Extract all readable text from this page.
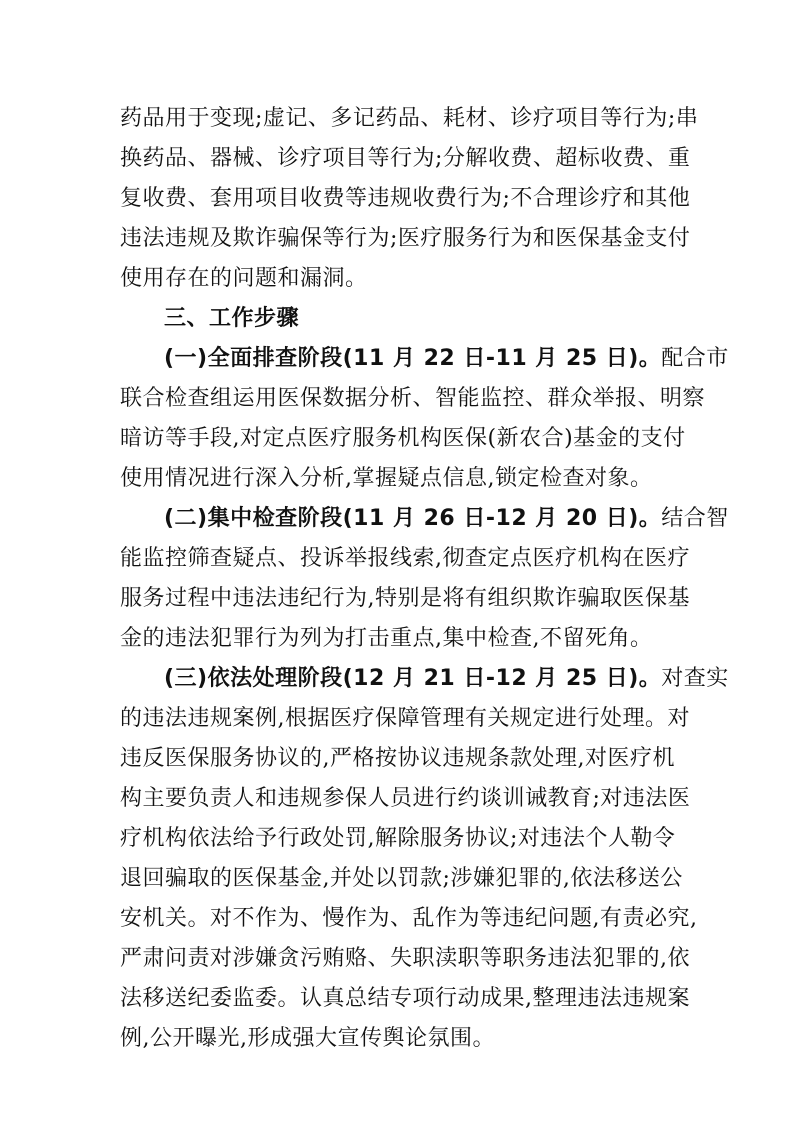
药品用于变现;虚记、多记药品、耗材、诊疗项目等行为;串
换药品、器械、诊疗项目等行为;分解收费、超标收费、重
复收费、套用项目收费等违规收费行为;不合理诊疗和其他
违法违规及欺诈骗保等行为;医疗服务行为和医保基金支付
使用存在的问题和漏洞。
三、工作步骤
(一)全面排查阶段(11 月 22 日-11 月 25 日)。配合市
联合检查组运用医保数据分析、智能监控、群众举报、明察
暗访等手段,对定点医疗服务机构医保(新农合)基金的支付
使用情况进行深入分析,掌握疑点信息,锁定检查对象。
(二)集中检查阶段(11 月 26 日-12 月 20 日)。结合智
能监控筛查疑点、投诉举报线索,彻查定点医疗机构在医疗
服务过程中违法违纪行为,特别是将有组织欺诈骗取医保基
金的违法犯罪行为列为打击重点,集中检查,不留死角。
(三)依法处理阶段(12 月 21 日-12 月 25 日)。对查实
的违法违规案例,根据医疗保障管理有关规定进行处理。对
违反医保服务协议的,严格按协议违规条款处理,对医疗机
构主要负责人和违规参保人员进行约谈训诫教育;对违法医
疗机构依法给予行政处罚,解除服务协议;对违法个人勒令
退回骗取的医保基金,并处以罚款;涉嫌犯罪的,依法移送公
安机关。对不作为、慢作为、乱作为等违纪问题,有责必究,
严肃问责对涉嫌贪污贿赂、失职渎职等职务违法犯罪的,依
法移送纪委监委。认真总结专项行动成果,整理违法违规案
例,公开曝光,形成强大宣传舆论氛围。
